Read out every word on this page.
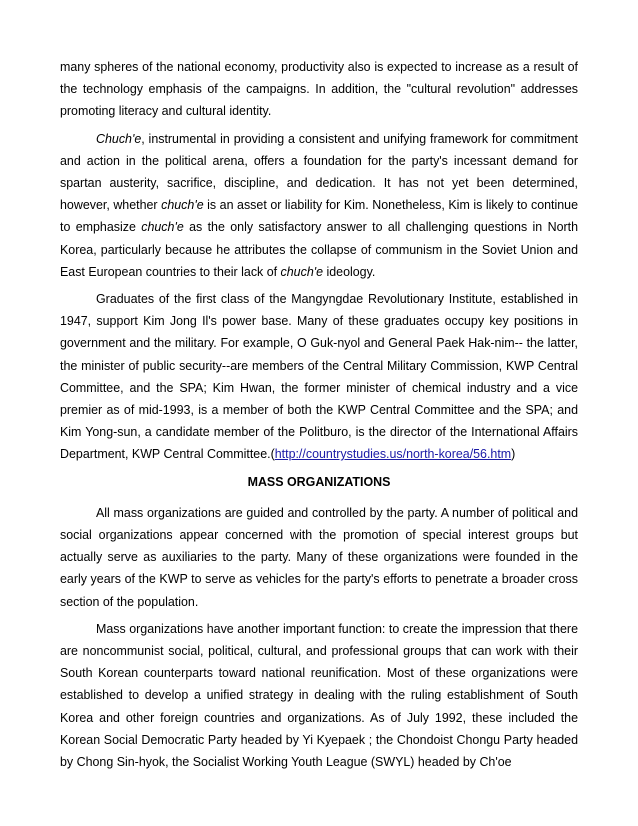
many spheres of the national economy, productivity also is expected to increase as a result of the technology emphasis of the campaigns. In addition, the "cultural revolution" addresses promoting literacy and cultural identity.

Chuch'e, instrumental in providing a consistent and unifying framework for commitment and action in the political arena, offers a foundation for the party's incessant demand for spartan austerity, sacrifice, discipline, and dedication. It has not yet been determined, however, whether chuch'e is an asset or liability for Kim. Nonetheless, Kim is likely to continue to emphasize chuch'e as the only satisfactory answer to all challenging questions in North Korea, particularly because he attributes the collapse of communism in the Soviet Union and East European countries to their lack of chuch'e ideology.

Graduates of the first class of the Mangyngdae Revolutionary Institute, established in 1947, support Kim Jong Il's power base. Many of these graduates occupy key positions in government and the military. For example, O Guk-nyol and General Paek Hak-nim-- the latter, the minister of public security--are members of the Central Military Commission, KWP Central Committee, and the SPA; Kim Hwan, the former minister of chemical industry and a vice premier as of mid-1993, is a member of both the KWP Central Committee and the SPA; and Kim Yong-sun, a candidate member of the Politburo, is the director of the International Affairs Department, KWP Central Committee.(http://countrystudies.us/north-korea/56.htm)

MASS ORGANIZATIONS

All mass organizations are guided and controlled by the party. A number of political and social organizations appear concerned with the promotion of special interest groups but actually serve as auxiliaries to the party. Many of these organizations were founded in the early years of the KWP to serve as vehicles for the party's efforts to penetrate a broader cross section of the population.

Mass organizations have another important function: to create the impression that there are noncommunist social, political, cultural, and professional groups that can work with their South Korean counterparts toward national reunification. Most of these organizations were established to develop a unified strategy in dealing with the ruling establishment of South Korea and other foreign countries and organizations. As of July 1992, these included the Korean Social Democratic Party headed by Yi Kyepaek ; the Chondoist Chongu Party headed by Chong Sin-hyok, the Socialist Working Youth League (SWYL) headed by Ch'oe
